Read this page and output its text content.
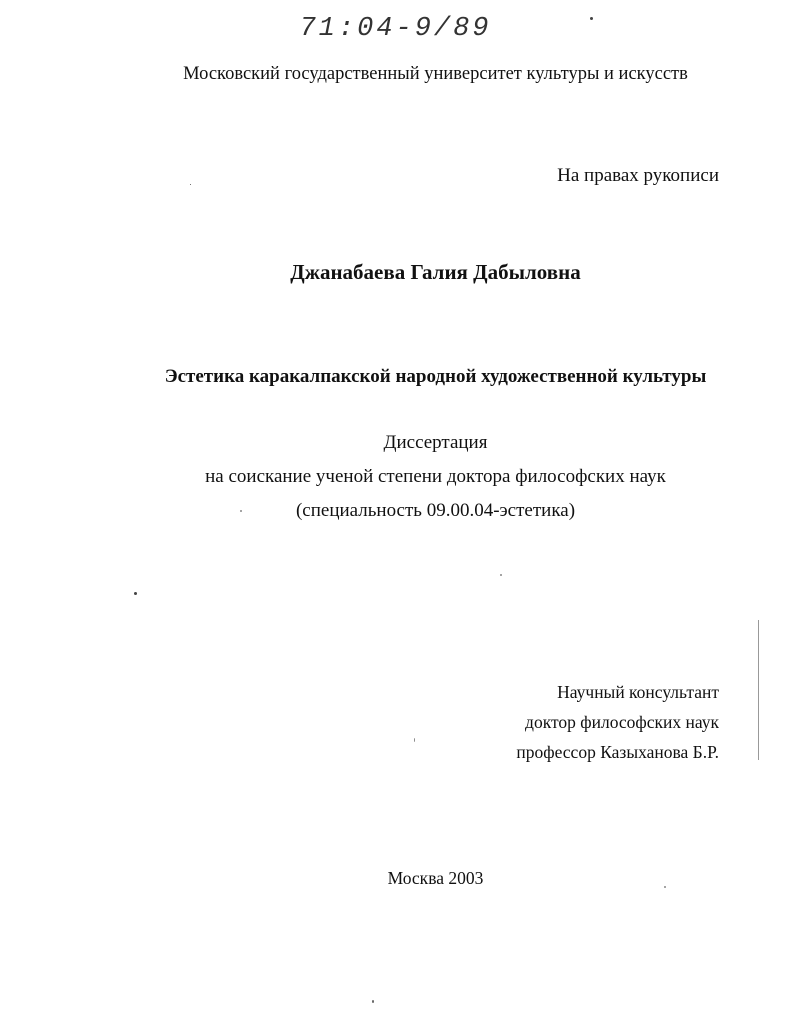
71:04-9/89
Московский государственный университет культуры и искусств
На правах рукописи
Джанабаева Галия Дабыловна
Эстетика каракалпакской народной художественной культуры
Диссертация
на соискание ученой степени доктора философских наук
(специальность 09.00.04-эстетика)
Научный консультант
доктор философских наук
профессор Казыханова Б.Р.
Москва 2003
